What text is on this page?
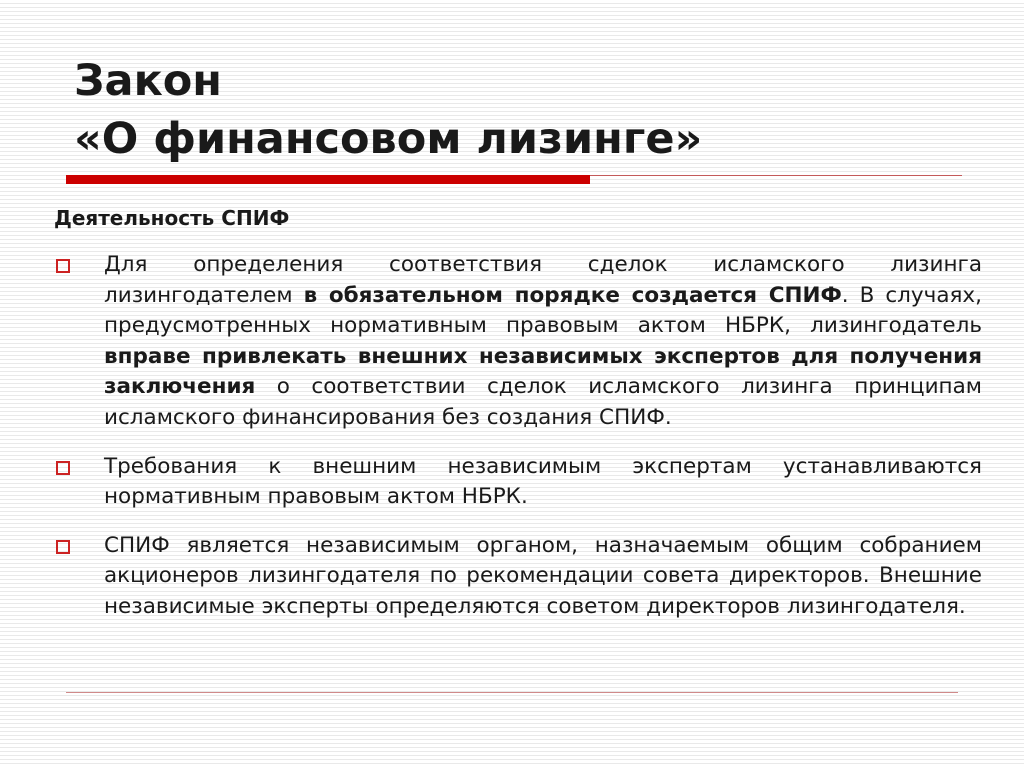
Закон
«О финансовом лизинге»
Деятельность СПИФ
Для определения соответствия сделок исламского лизинга лизингодателем в обязательном порядке создается СПИФ. В случаях, предусмотренных нормативным правовым актом НБРК, лизингодатель вправе привлекать внешних независимых экспертов для получения заключения о соответствии сделок исламского лизинга принципам исламского финансирования без создания СПИФ.
Требования к внешним независимым экспертам устанавливаются нормативным правовым актом НБРК.
СПИФ является независимым органом, назначаемым общим собранием акционеров лизингодателя по рекомендации совета директоров. Внешние независимые эксперты определяются советом директоров лизингодателя.
